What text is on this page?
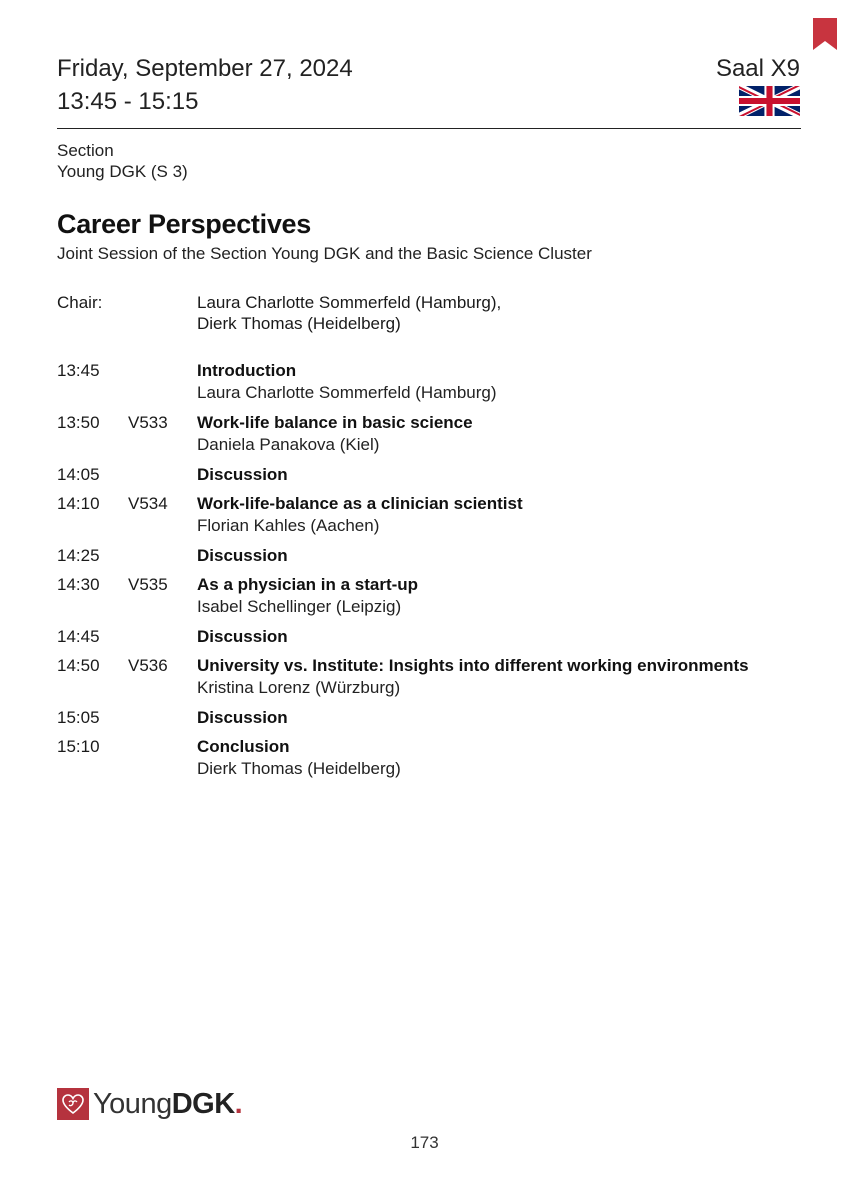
Friday, September 27, 2024
13:45 - 15:15
Saal X9
Section
Young DGK (S 3)
Career Perspectives
Joint Session of the Section Young DGK and the Basic Science Cluster
Chair:	Laura Charlotte Sommerfeld (Hamburg),
Dierk Thomas (Heidelberg)
13:45	Introduction
Laura Charlotte Sommerfeld (Hamburg)
13:50 V533 Work-life balance in basic science
Daniela Panakova (Kiel)
14:05	Discussion
14:10 V534 Work-life-balance as a clinician scientist
Florian Kahles (Aachen)
14:25	Discussion
14:30 V535 As a physician in a start-up
Isabel Schellinger (Leipzig)
14:45	Discussion
14:50 V536 University vs. Institute: Insights into different working environments
Kristina Lorenz (Würzburg)
15:05	Discussion
15:10	Conclusion
Dierk Thomas (Heidelberg)
YoungDGK.
173
